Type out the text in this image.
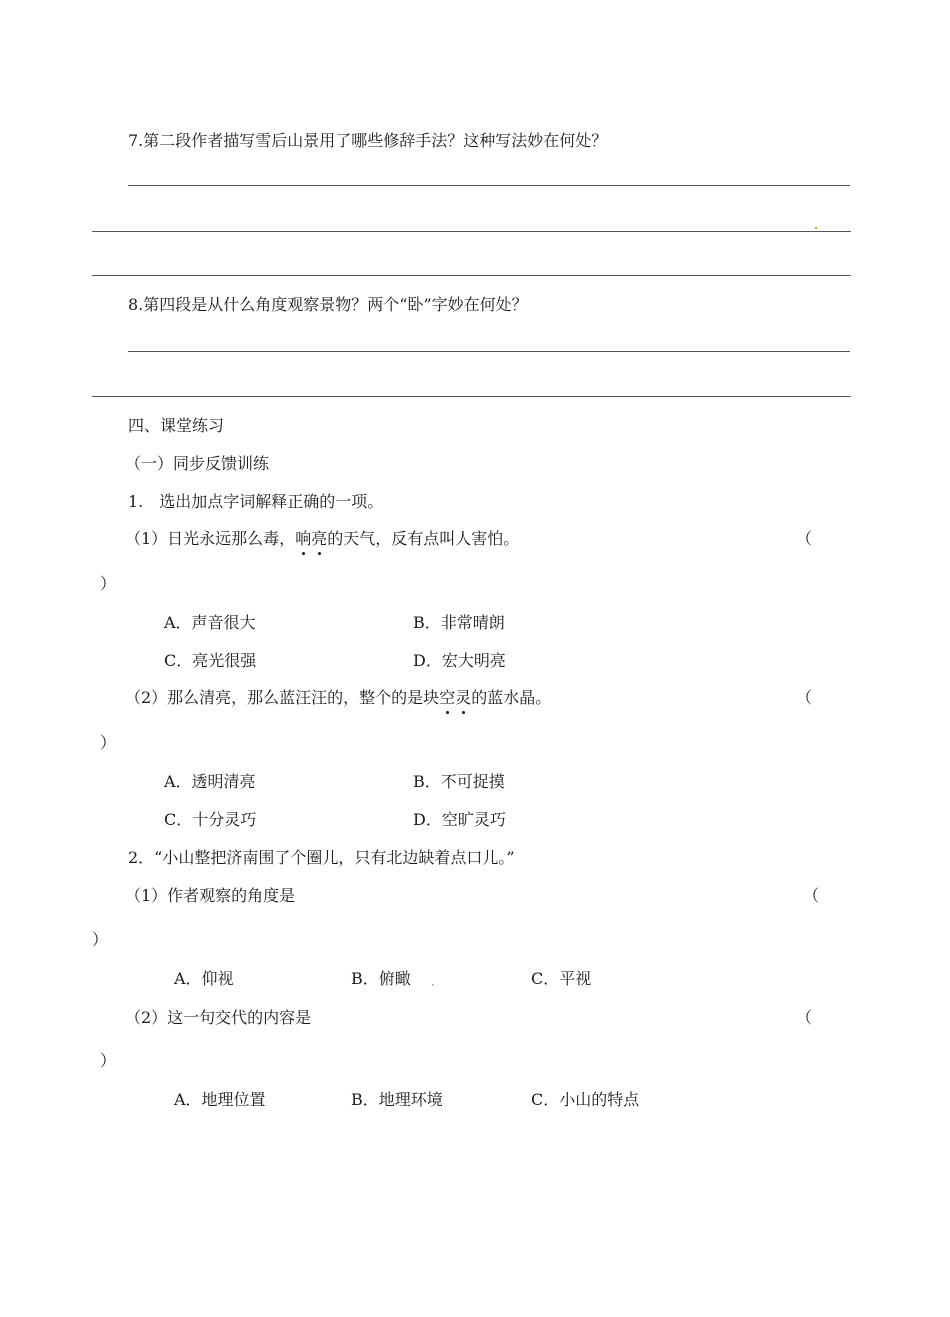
7.第二段作者描写雪后山景用了哪些修辞手法？这种写法妙在何处？
8.第四段是从什么角度观察景物？两个“卧”字妙在何处？
四、课堂练习
（一）同步反馈训练
1.　选出加点字词解释正确的一项。
（1）日光永远那么毒，响亮的天气，反有点叫人害怕。	（
）
A．声音很大	B．非常晴朗
C．亮光很强	D．宏大明亮
（2）那么清亮，那么蓝汪汪的，整个的是块空灵的蓝水晶。	（
）
A．透明清亮	B．不可捉摸
C．十分灵巧	D．空旷灵巧
2．“小山整把济南围了个圈儿，只有北边缺着点口儿。”
（1）作者观察的角度是	（
）
A．仰视	B．俯瞰	C．平视
（2）这一句交代的内容是	（
）
A．地理位置	B．地理环境	C．小山的特点
